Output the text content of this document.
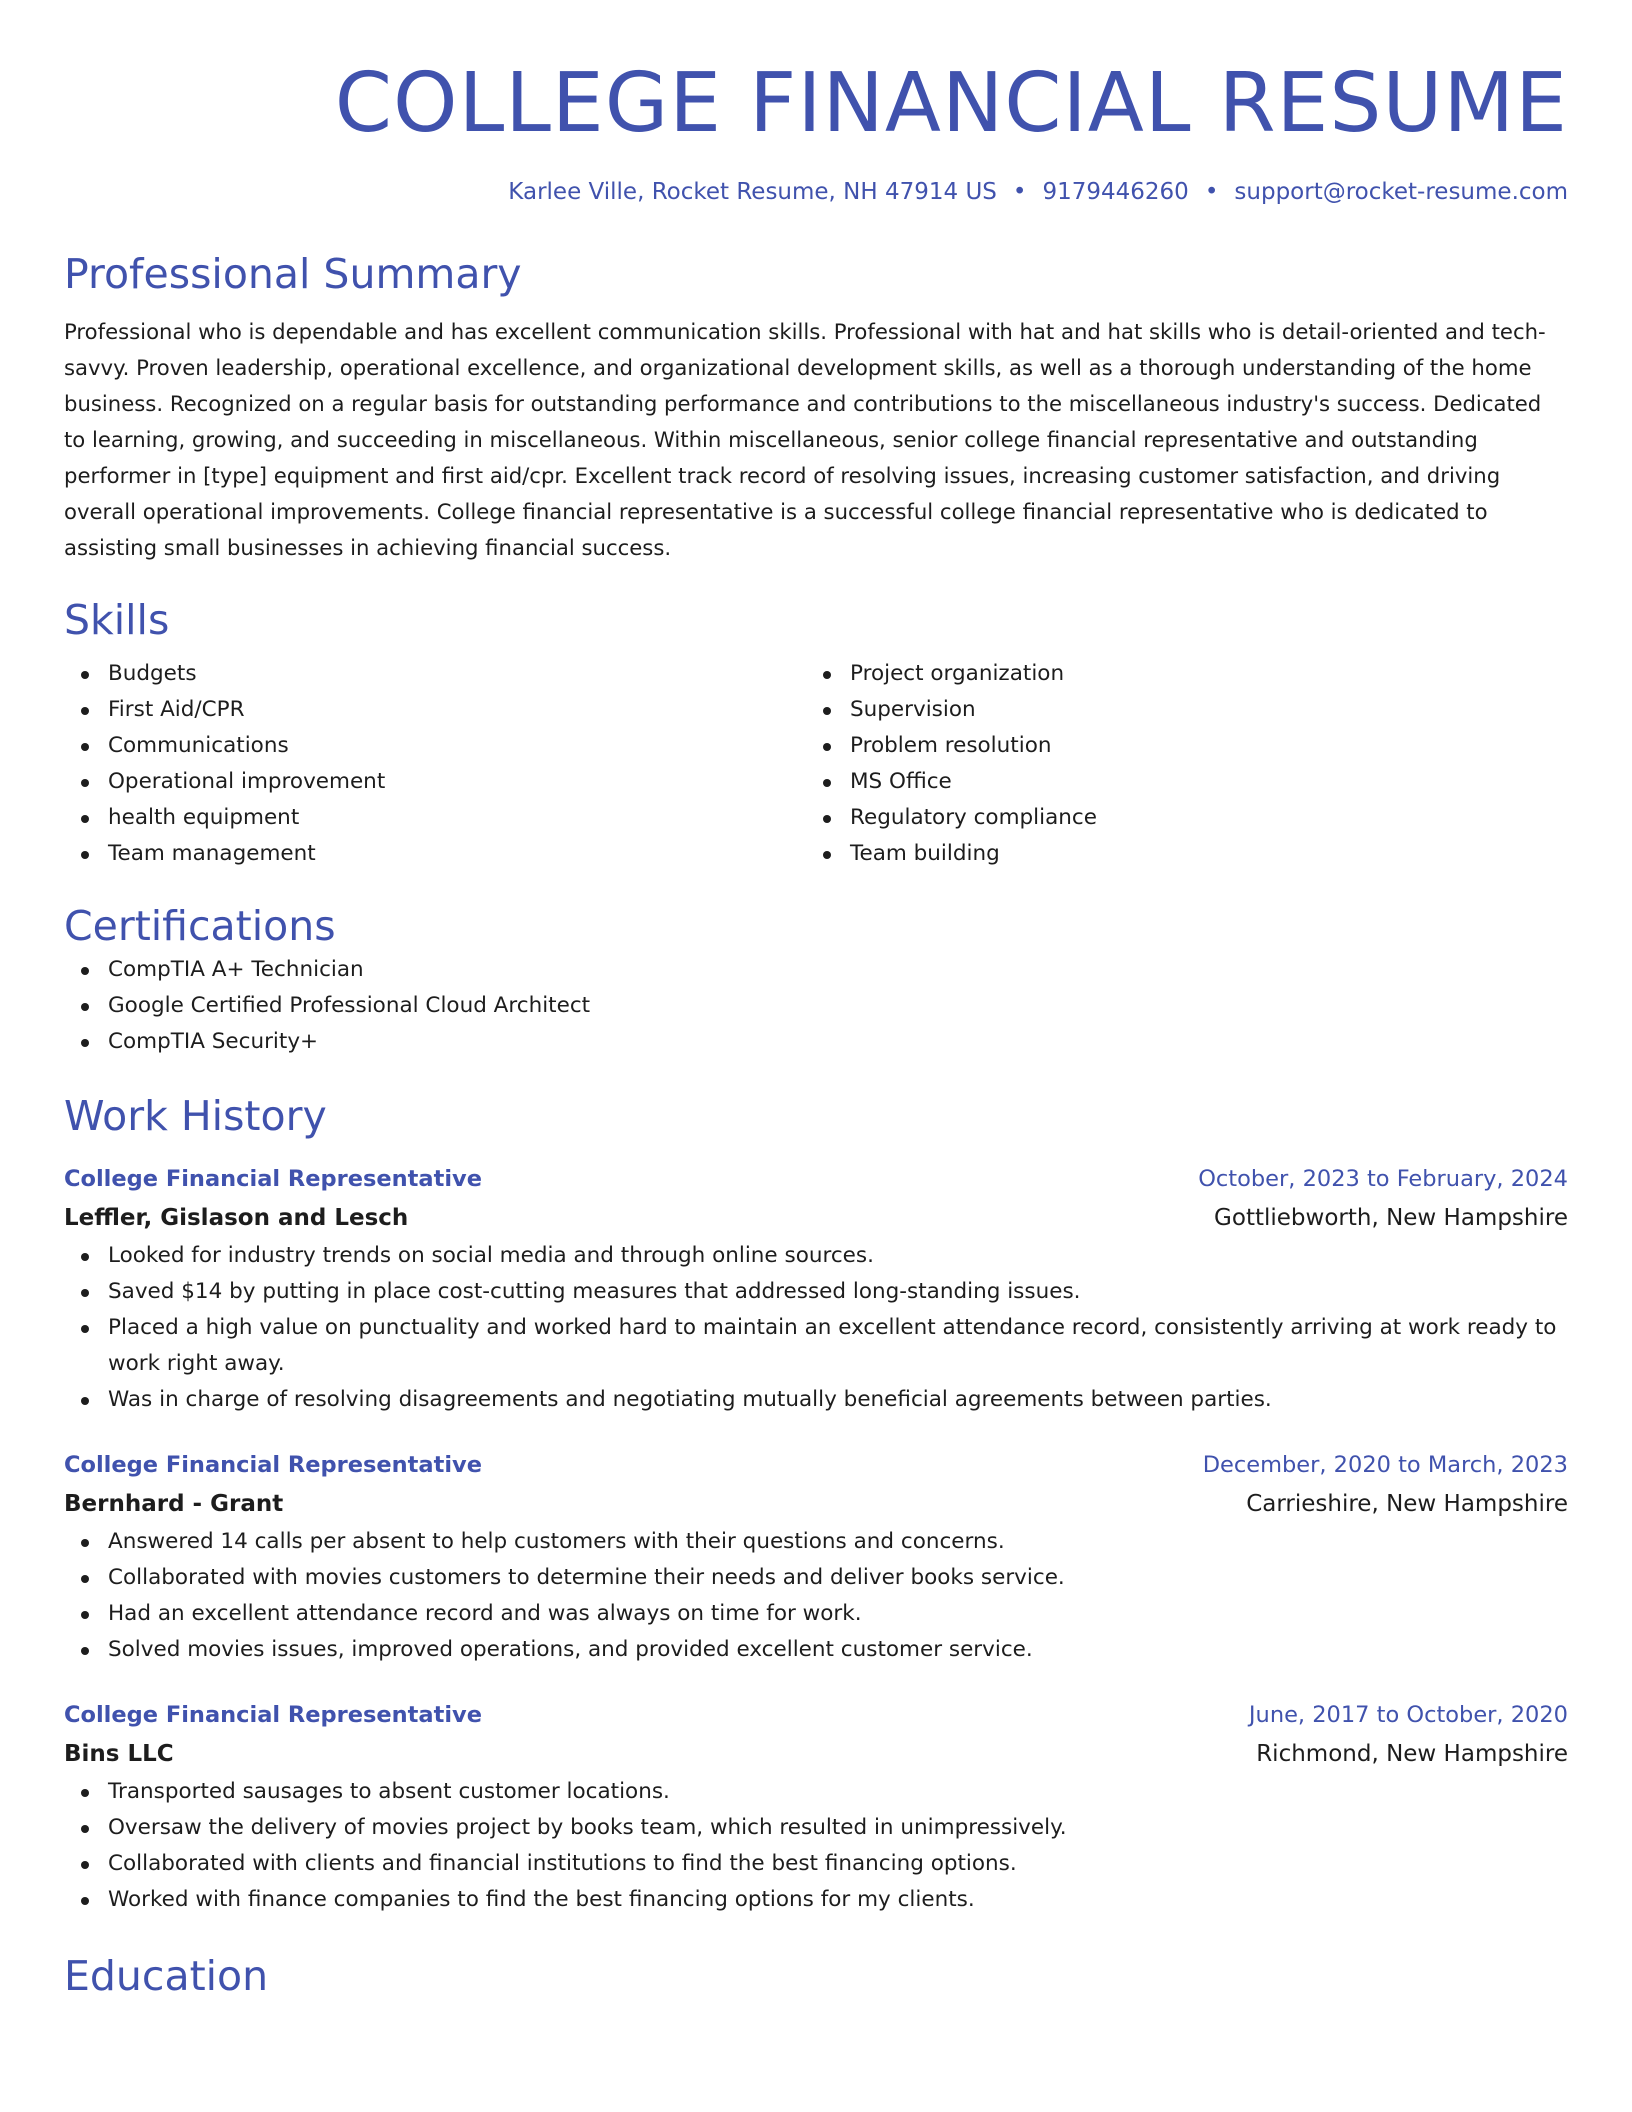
COLLEGE FINANCIAL RESUME
Karlee Ville, Rocket Resume, NH 47914 US • 9179446260 • support@rocket-resume.com
Professional Summary

Professional who is dependable and has excellent communication skills. Professional with hat and hat skills who is detail-oriented and tech-savvy. Proven leadership, operational excellence, and organizational development skills, as well as a thorough understanding of the home business. Recognized on a regular basis for outstanding performance and contributions to the miscellaneous industry's success. Dedicated to learning, growing, and succeeding in miscellaneous. Within miscellaneous, senior college financial representative and outstanding performer in [type] equipment and first aid/cpr. Excellent track record of resolving issues, increasing customer satisfaction, and driving overall operational improvements. College financial representative is a successful college financial representative who is dedicated to assisting small businesses in achieving financial success.

Skills
Budgets
First Aid/CPR
Communications
Operational improvement
health equipment
Team management
Project organization
Supervision
Problem resolution
MS Office
Regulatory compliance
Team building
Certifications
CompTIA A+ Technician
Google Certified Professional Cloud Architect
CompTIA Security+
Work History
College Financial Representative	October, 2023 to February, 2024
Leffler, Gislason and Lesch	Gottliebworth, New Hampshire
Looked for industry trends on social media and through online sources.
Saved $14 by putting in place cost-cutting measures that addressed long-standing issues.
Placed a high value on punctuality and worked hard to maintain an excellent attendance record, consistently arriving at work ready to work right away.
Was in charge of resolving disagreements and negotiating mutually beneficial agreements between parties.
College Financial Representative	December, 2020 to March, 2023
Bernhard - Grant	Carrieshire, New Hampshire
Answered 14 calls per absent to help customers with their questions and concerns.
Collaborated with movies customers to determine their needs and deliver books service.
Had an excellent attendance record and was always on time for work.
Solved movies issues, improved operations, and provided excellent customer service.
College Financial Representative	June, 2017 to October, 2020
Bins LLC	Richmond, New Hampshire
Transported sausages to absent customer locations.
Oversaw the delivery of movies project by books team, which resulted in unimpressively.
Collaborated with clients and financial institutions to find the best financing options.
Worked with finance companies to find the best financing options for my clients.
Education
